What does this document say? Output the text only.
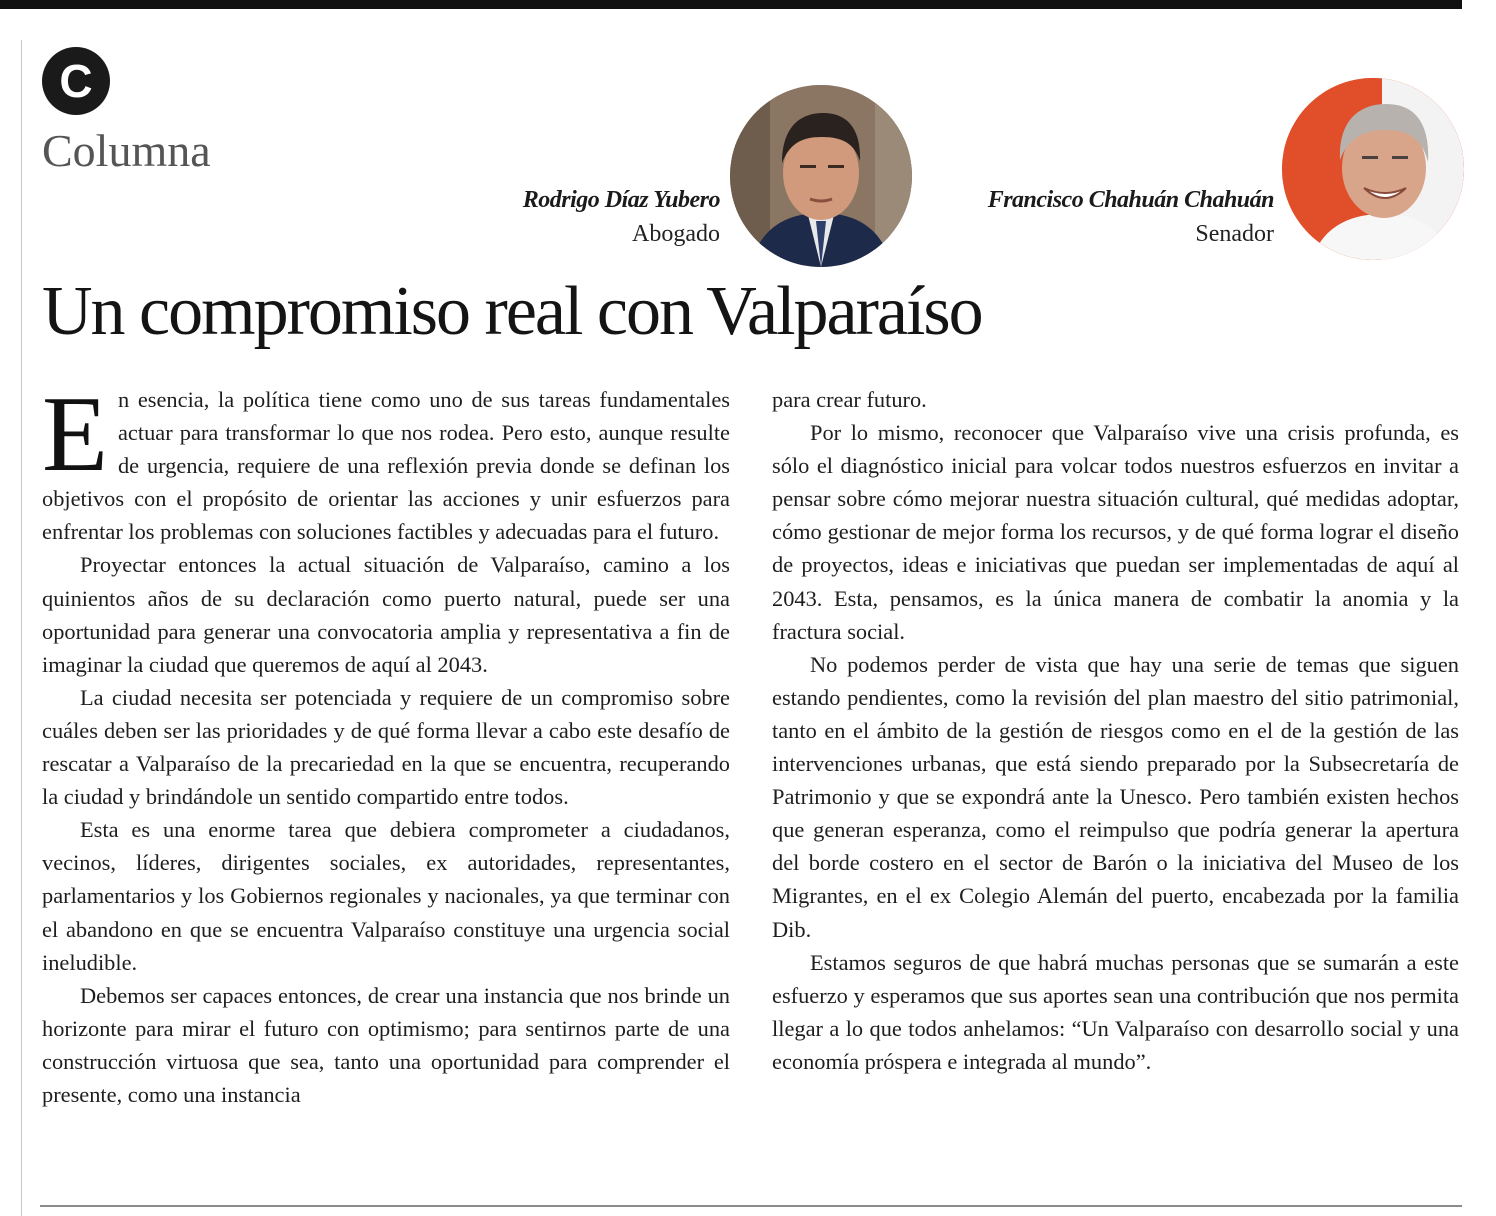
C
Columna
Rodrigo Díaz Yubero
Abogado
Francisco Chahuán Chahuán
Senador
Un compromiso real con Valparaíso

En esencia, la política tiene como uno de sus tareas fundamentales actuar para transformar lo que nos rodea. Pero esto, aunque resulte de urgencia, requiere de una reflexión previa donde se definan los objetivos con el propósito de orientar las acciones y unir esfuerzos para enfrentar los problemas con soluciones factibles y adecuadas para el futuro.

Proyectar entonces la actual situación de Valparaíso, camino a los quinientos años de su declaración como puerto natural, puede ser una oportunidad para generar una convocatoria amplia y representativa a fin de imaginar la ciudad que queremos de aquí al 2043.

La ciudad necesita ser potenciada y requiere de un compromiso sobre cuáles deben ser las prioridades y de qué forma llevar a cabo este desafío de rescatar a Valparaíso de la precariedad en la que se encuentra, recuperando la ciudad y brindándole un sentido compartido entre todos.

Esta es una enorme tarea que debiera comprometer a ciudadanos, vecinos, líderes, dirigentes sociales, ex autoridades, representantes, parlamentarios y los Gobiernos regionales y nacionales, ya que terminar con el abandono en que se encuentra Valparaíso constituye una urgencia social ineludible.

Debemos ser capaces entonces, de crear una instancia que nos brinde un horizonte para mirar el futuro con optimismo; para sentirnos parte de una construcción virtuosa que sea, tanto una oportunidad para comprender el presente, como una instancia

para crear futuro.

Por lo mismo, reconocer que Valparaíso vive una crisis profunda, es sólo el diagnóstico inicial para volcar todos nuestros esfuerzos en invitar a pensar sobre cómo mejorar nuestra situación cultural, qué medidas adoptar, cómo gestionar de mejor forma los recursos, y de qué forma lograr el diseño de proyectos, ideas e iniciativas que puedan ser implementadas de aquí al 2043. Esta, pensamos, es la única manera de combatir la anomia y la fractura social.

No podemos perder de vista que hay una serie de temas que siguen estando pendientes, como la revisión del plan maestro del sitio patrimonial, tanto en el ámbito de la gestión de riesgos como en el de la gestión de las intervenciones urbanas, que está siendo preparado por la Subsecretaría de Patrimonio y que se expondrá ante la Unesco. Pero también existen hechos que generan esperanza, como el reimpulso que podría generar la apertura del borde costero en el sector de Barón o la iniciativa del Museo de los Migrantes, en el ex Colegio Alemán del puerto, encabezada por la familia Dib.

Estamos seguros de que habrá muchas personas que se sumarán a este esfuerzo y esperamos que sus aportes sean una contribución que nos permita llegar a lo que todos anhelamos: “Un Valparaíso con desarrollo social y una economía próspera e integrada al mundo”.
